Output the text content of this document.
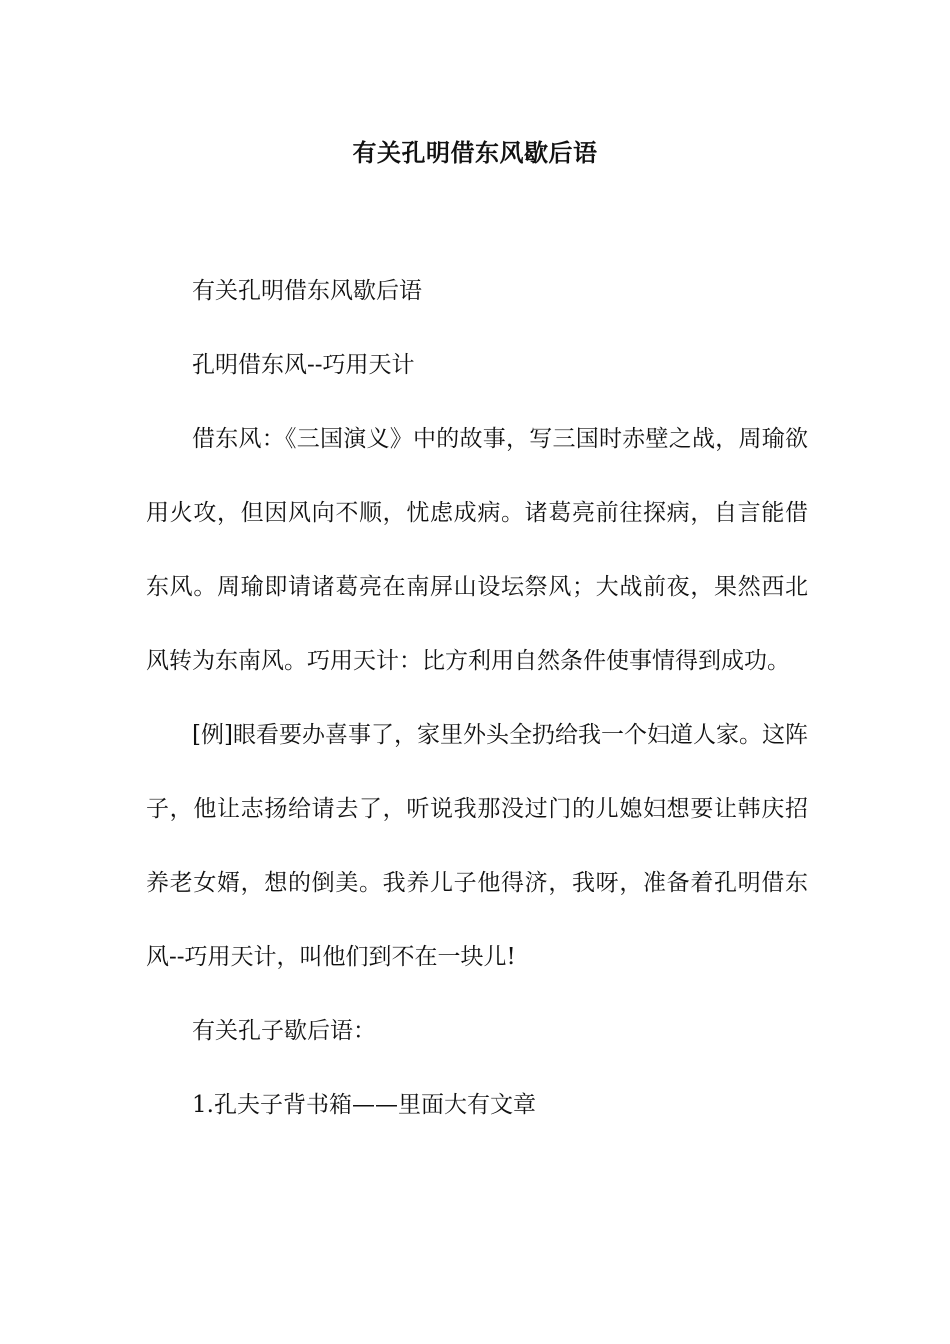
有关孔明借东风歇后语

有关孔明借东风歇后语

孔明借东风--巧用天计

借东风：《三国演义》中的故事，写三国时赤壁之战，周瑜欲用火攻，但因风向不顺，忧虑成病。诸葛亮前往探病，自言能借东风。周瑜即请诸葛亮在南屏山设坛祭风；大战前夜，果然西北风转为东南风。巧用天计：比方利用自然条件使事情得到成功。

[例]眼看要办喜事了，家里外头全扔给我一个妇道人家。这阵子，他让志扬给请去了，听说我那没过门的儿媳妇想要让韩庆招养老女婿，想的倒美。我养儿子他得济，我呀，准备着孔明借东风--巧用天计，叫他们到不在一块儿!

有关孔子歇后语：

1.孔夫子背书箱——里面大有文章
